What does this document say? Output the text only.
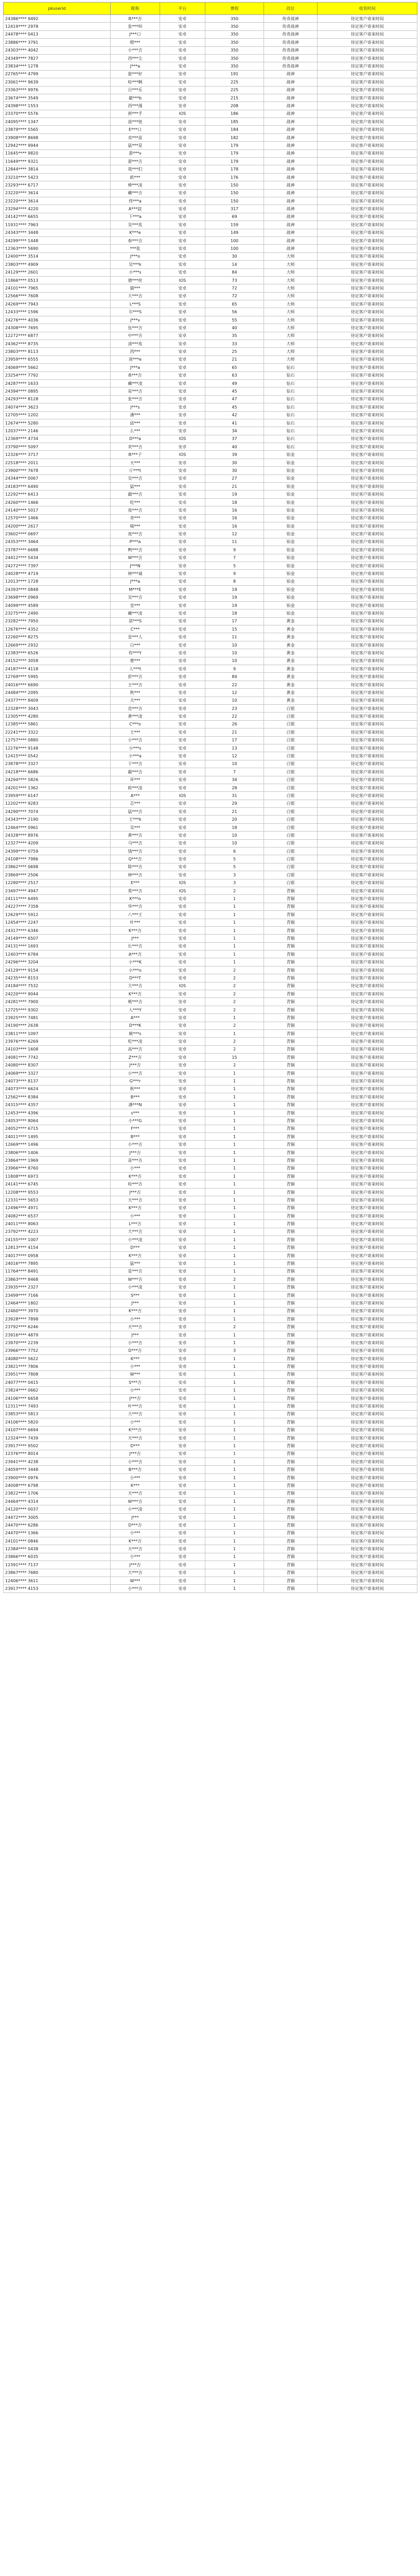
pkuserid	昵称	平台	赛程	段位	收货时间
24386**** 9492	ẞ***吉	安卓	350	传奇战神	待定客户寄来时间
12419**** 2978	张***叫	安卓	350	传奇战神	待定客户寄来时间
24478**** 0413	J***口	安卓	350	传奇战神	待定客户寄来时间
23886**** 3791	嗯***	安卓	350	传奇战神	待定客户寄来时间
24303**** 4042	小***吉	安卓	350	传奇战神	待定客户寄来时间
24349**** 7827	西***尘	安卓	350	传奇战神	待定客户寄来时间
23834**** 1278	J***a	安卓	350	传奇战神	待定客户寄来时间
22765**** 4799	旅***好	安卓	191	战神	待定客户寄来时间
23061**** 9639	哈***啊	安卓	225	战神	待定客户寄来时间
23363**** 9976	吕***乐	安卓	225	战神	待定客户寄来时间
23674**** 3549	霸***b	安卓	215	战神	待定客户寄来时间
24398**** 1553	西***漫	安卓	208	战神	待定客户寄来时间
23370**** 5576	拼***手	IOS	186	战神	待定客户寄来时间
24095**** 1347	波***妞	安卓	185	战神	待定客户寄来时间
23879**** 5565	E***口	安卓	184	战神	待定客户寄来时间
23908**** 8698	卖***苗	安卓	182	战神	待定客户寄来时间
12942**** 9944	猛***是	安卓	179	战神	待定客户寄来时间
11645**** 9820	游***ν	安卓	179	战神	待定客户寄来时间
11649**** 9321	游***吉	安卓	179	战神	待定客户寄来时间
12844**** 3814	我***们	安卓	178	战神	待定客户寄来时间
23210**** 5423	欧***	安卓	176	战神	待定客户寄来时间
23293**** 6717	棒***凌	安卓	150	战神	待定客户寄来时间
23220**** 3614	藏***吉	安卓	150	战神	待定客户寄来时间
23220**** 3614	佟***a	安卓	150	战神	待定客户寄来时间
23294**** 4220	A***寂	安卓	317	战神	待定客户寄来时间
24142**** 6655	下***a	安卓	69	战神	待定客户寄来时间
11931**** 7963	吴***兆	安卓	159	战神	待定客户寄来时间
24343**** 3448	K***e	安卓	149	战神	待定客户寄来时间
24299**** 1448	春***吉	安卓	100	战神	待定客户寄来时间
12363**** 5690	***张	安卓	100	战神	待定客户寄来时间
12400**** 3514	J***o	安卓	30	大师	待定客户寄来时间
23803**** 4909	吴***k	安卓	14	大师	待定客户寄来时间
24129**** 2601	小***s	安卓	84	大师	待定客户寄来时间
11866**** 0513	德***丝	IOS	73	大师	待定客户寄来时间
24101**** 7965	猫***	安卓	72	大师	待定客户寄来时间
12566**** 7608	大***吉	安卓	72	大师	待定客户寄来时间
24269**** 7943	L***S	安卓	65	大师	待定客户寄来时间
12433**** 1596	尔***S	安卓	56	大师	待定客户寄来时间
24276**** 4036	J***ν	安卓	55	大师	待定客户寄来时间
24308**** 7695	伍***吉	安卓	40	大师	待定客户寄来时间
12272**** 6877	中***吉	安卓	35	大师	待定客户寄来时间
24362**** 8735	清***兆	安卓	33	大师	待定客户寄来时间
23803**** 8113	西***	安卓	25	大师	待定客户寄来时间
23959**** 6555	迷***e	安卓	21	大师	待定客户寄来时间
24069**** 5662	J***a	安卓	65	钻石	待定客户寄来时间
23254**** 7792	ẞ***吉	安卓	63	钻石	待定客户寄来时间
24287**** 1633	藏***凌	安卓	49	钻石	待定客户寄来时间
24394**** 0895	是***吉	安卓	45	钻石	待定客户寄来时间
24293**** 8128	张***吉	安卓	47	钻石	待定客户寄来时间
24074**** 3623	J***s	安卓	45	钻石	待定客户寄来时间
12705**** 1202	潘***	安卓	42	钻石	待定客户寄来时间
12674**** 5280	邱***	安卓	41	钻石	待定客户寄来时间
12037**** 2146	么***	安卓	34	钻石	待定客户寄来时间
12369**** 4734	D***a	IOS	37	钻石	待定客户寄来时间
23790**** 5097	欢***吉	安卓	40	钻石	待定客户寄来时间
12326**** 3717	ẞ***子	IOS	39	铂金	待定客户寄来时间
22518**** 2011	天***	安卓	30	铂金	待定客户寄来时间
23900**** 7678	斤***t	安卓	30	铂金	待定客户寄来时间
24344**** 0067	吴***吉	安卓	27	铂金	待定客户寄来时间
24183**** 6490	猛***	安卓	21	铂金	待定客户寄来时间
12292**** 6413	霸***吉	安卓	19	铂金	待定客户寄来时间
24260**** 1466	吃***	安卓	18	铂金	待定客户寄来时间
24140**** 5017	夜***吉	安卓	16	铂金	待定客户寄来时间
12570**** 1466	奇***	安卓	16	铂金	待定客户寄来时间
24200**** 2617	喵***	安卓	16	铂金	待定客户寄来时间
23602**** 0697	夜***吉	安卓	12	铂金	待定客户寄来时间
24353**** 3464	P***a	安卓	11	铂金	待定客户寄来时间
23787**** 6688	鸭***吉	安卓	9	铂金	待定客户寄来时间
24412**** 5434	W***吉	安卓	7	铂金	待定客户寄来时间
24272**** 7397	J***N	安卓	5	铂金	待定客户寄来时间
24028**** 4719	林***诚	安卓	9	铂金	待定客户寄来时间
12013**** 1728	J***a	安卓	8	铂金	待定客户寄来时间
24393**** 0848	M***E	安卓	19	铂金	待定客户寄来时间
23698**** 0969	吴***吉	安卓	19	铂金	待定客户寄来时间
24099**** 4589	皇***	安卓	19	铂金	待定客户寄来时间
23275**** 2490	藏***凌	安卓	18	铂金	待定客户寄来时间
23282**** 7950	邵***S	安卓	17	黄金	待定客户寄来时间
12676**** 4352	C***	安卓	15	黄金	待定客户寄来时间
12260**** 8275	星***人	安卓	11	黄金	待定客户寄来时间
12669**** 2932	白***	安卓	10	黄金	待定客户寄来时间
12383**** 6526	你***Y	安卓	10	黄金	待定客户寄来时间
24152**** 3058	曹***	安卓	10	黄金	待定客户寄来时间
24187**** 4118	人***t	安卓	9	黄金	待定客户寄来时间
12769**** 5995	彭***吉	安卓	84	黄金	待定客户寄来时间
24016**** 6690	王***吉	安卓	22	黄金	待定客户寄来时间
24484**** 2095	秋***	安卓	12	黄金	待定客户寄来时间
24377**** 8409	夫***	安卓	10	黄金	待定客户寄来时间
12328**** 3043	范***吉	安卓	23	白银	待定客户寄来时间
12305**** 4280	黄***凌	安卓	22	白银	待定客户寄来时间
12385**** 5861	C***o	安卓	26	白银	待定客户寄来时间
22241**** 3322	王***	安卓	21	白银	待定客户寄来时间
12757**** 0880	小***吉	安卓	17	白银	待定客户寄来时间
12276**** 9148	小***s	安卓	13	白银	待定客户寄来时间
12415**** 0542	小***a	安卓	12	白银	待定客户寄来时间
23878**** 3327	于***吉	安卓	10	白银	待定客户寄来时间
24218**** 6686	霸***吉	安卓	7	白银	待定客户寄来时间
24294**** 5826	坏***	安卓	34	白银	待定客户寄来时间
24201**** 1362	欧***凌	安卓	28	白银	待定客户寄来时间
23959**** 6147	A***	IOS	31	白银	待定客户寄来时间
12202**** 9283	芯***	安卓	29	白银	待定客户寄来时间
24290**** 7074	猛***吉	安卓	21	白银	待定客户寄来时间
24343**** 2190	王***k	安卓	20	白银	待定客户寄来时间
12464**** 0961	吴***	安卓	18	白银	待定客户寄来时间
24328**** 8976	黄***吉	安卓	10	白银	待定客户寄来时间
12327**** 4209	马***吉	安卓	10	白银	待定客户寄来时间
24399**** 0759	钱***吉	安卓	6	白银	待定客户寄来时间
24108**** 7986	Q***吉	安卓	5	白银	待定客户寄来时间
23862**** 0698	陈***吉	安卓	5	白银	待定客户寄来时间
23869**** 2506	林***吉	安卓	3	白银	待定客户寄来时间
12280**** 2517	E***	IOS	3	白银	待定客户寄来时间
23497**** 4947	莫***吉	IOS	2	青铜	待定客户寄来时间
24111**** 6495	K***o	安卓	1	青铜	待定客户寄来时间
24227**** 7358	华***吉	安卓	1	青铜	待定客户寄来时间
12629**** 5912	八***王	安卓	1	青铜	待定客户寄来时间
12454**** 2247	叶***	安卓	1	青铜	待定客户寄来时间
24317**** 6346	K***吉	安卓	1	青铜	待定客户寄来时间
24149**** 6507	J***	安卓	1	青铜	待定客户寄来时间
24131**** 1693	长***吉	安卓	1	青铜	待定客户寄来时间
12403**** 6784	A***吉	安卓	1	青铜	待定客户寄来时间
24296**** 3204	小***K	安卓	1	青铜	待定客户寄来时间
24129**** 9154	小***o	安卓	2	青铜	待定客户寄来时间
24235**** 8153	D***T	安卓	2	青铜	待定客户寄来时间
24184**** 7532	大***吉	IOS	2	青铜	待定客户寄来时间
24220**** 9044	K***吉	安卓	2	青铜	待定客户寄来时间
24281**** 7900	桃***吉	安卓	2	青铜	待定客户寄来时间
12725**** 9302	人***Y	安卓	2	青铜	待定客户寄来时间
23925**** 7481	A***	安卓	1	青铜	待定客户寄来时间
24190**** 2638	D***K	安卓	2	青铜	待定客户寄来时间
23811**** 1097	姚***s	安卓	1	青铜	待定客户寄来时间
23976**** 6269	吃***凌	安卓	2	青铜	待定客户寄来时间
24103**** 1608	高***吉	安卓	2	青铜	待定客户寄来时间
24081**** 7742	Z***吉	安卓	15	青铜	待定客户寄来时间
24080**** 8307	J***吉	安卓	2	青铜	待定客户寄来时间
24069**** 3327	小***吉	安卓	1	青铜	待定客户寄来时间
24073**** 8137	G***r	安卓	1	青铜	待定客户寄来时间
24073**** 6624	秋***	安卓	1	青铜	待定客户寄来时间
12562**** 8384	B***	安卓	1	青铜	待定客户寄来时间
24315**** 4357	潘***N	安卓	1	青铜	待定客户寄来时间
12453**** 4396	s***	安卓	1	青铜	待定客户寄来时间
24053**** 8064	小***G	安卓	1	青铜	待定客户寄来时间
24052**** 6715	F***	安卓	1	青铜	待定客户寄来时间
24011**** 1495	B***	安卓	1	青铜	待定客户寄来时间
12669**** 1496	小***吉	安卓	1	青铜	待定客户寄来时间
23806**** 1406	J***吉	安卓	1	青铜	待定客户寄来时间
23864**** 1969	苗***吉	安卓	1	青铜	待定客户寄来时间
23966**** 8760	小***	安卓	1	青铜	待定客户寄来时间
11808**** 6973	K***吉	安卓	1	青铜	待定客户寄来时间
24141**** 6745	哈***吉	安卓	1	青铜	待定客户寄来时间
12208**** 9553	J***吉	安卓	1	青铜	待定客户寄来时间
12331**** 5653	天***吉	安卓	1	青铜	待定客户寄来时间
12496**** 4971	K***吉	安卓	1	青铜	待定客户寄来时间
24082**** 6537	小***	安卓	1	青铜	待定客户寄来时间
24011**** 8063	L***吉	安卓	1	青铜	待定客户寄来时间
23792**** 4223	大***吉	安卓	1	青铜	待定客户寄来时间
24155**** 1007	小***凌	安卓	1	青铜	待定客户寄来时间
12813**** 4154	D***	安卓	1	青铜	待定客户寄来时间
24017**** 0958	K***吉	安卓	1	青铜	待定客户寄来时间
24016**** 7895	猛***	安卓	1	青铜	待定客户寄来时间
11764**** 8491	星***吉	安卓	1	青铜	待定客户寄来时间
23863**** 8468	W***吉	安卓	2	青铜	待定客户寄来时间
23935**** 2327	小***凌	安卓	1	青铜	待定客户寄来时间
23499**** 7166	S***	安卓	1	青铜	待定客户寄来时间
12464**** 1802	J***	安卓	1	青铜	待定客户寄来时间
12460**** 3970	K***吉	安卓	1	青铜	待定客户寄来时间
23928**** 7898	小***	安卓	1	青铜	待定客户寄来时间
23792**** 6246	天***吉	安卓	2	青铜	待定客户寄来时间
23916**** 4879	J***	安卓	1	青铜	待定客户寄来时间
23970**** 2239	小***吉	安卓	1	青铜	待定客户寄来时间
23966**** 7752	D***吉	安卓	3	青铜	待定客户寄来时间
24080**** 5622	K***	安卓	1	青铜	待定客户寄来时间
23821**** 7806	小***	安卓	1	青铜	待定客户寄来时间
23951**** 7808	W***	安卓	1	青铜	待定客户寄来时间
24077**** 0415	S***吉	安卓	1	青铜	待定客户寄来时间
23824**** 0662	小***	安卓	1	青铜	待定客户寄来时间
24106**** 6658	J***吉	安卓	1	青铜	待定客户寄来时间
12311**** 7493	叶***吉	安卓	1	青铜	待定客户寄来时间
23853**** 5813	大***吉	安卓	1	青铜	待定客户寄来时间
24106**** 5820	小***	安卓	1	青铜	待定客户寄来时间
24107**** 6694	K***吉	安卓	1	青铜	待定客户寄来时间
12324**** 7439	天***吉	安卓	1	青铜	待定客户寄来时间
23917**** 9502	D***	安卓	1	青铜	待定客户寄来时间
12376**** 8014	J***吉	安卓	1	青铜	待定客户寄来时间
23941**** 4238	小***吉	安卓	1	青铜	待定客户寄来时间
24059**** 3448	B***吉	安卓	1	青铜	待定客户寄来时间
23900**** 0976	小***	安卓	1	青铜	待定客户寄来时间
24008**** 6798	K***	安卓	1	青铜	待定客户寄来时间
23822**** 1706	天***吉	安卓	1	青铜	待定客户寄来时间
24464**** 4314	W***吉	安卓	1	青铜	待定客户寄来时间
24120**** 0037	小***凌	安卓	1	青铜	待定客户寄来时间
24472**** 3005	J***	安卓	1	青铜	待定客户寄来时间
24470**** 6286	D***吉	安卓	1	青铜	待定客户寄来时间
24470**** 1366	小***	安卓	1	青铜	待定客户寄来时间
24101**** 0846	K***吉	安卓	1	青铜	待定客户寄来时间
12384**** 0438	天***吉	安卓	1	青铜	待定客户寄来时间
23866**** 6035	小***	安卓	1	青铜	待定客户寄来时间
12391**** 7137	J***吉	安卓	1	青铜	待定客户寄来时间
23867**** 7680	大***吉	安卓	1	青铜	待定客户寄来时间
12406**** 3611	W***	安卓	1	青铜	待定客户寄来时间
23917**** 4153	小***吉	安卓	1	青铜	待定客户寄来时间
